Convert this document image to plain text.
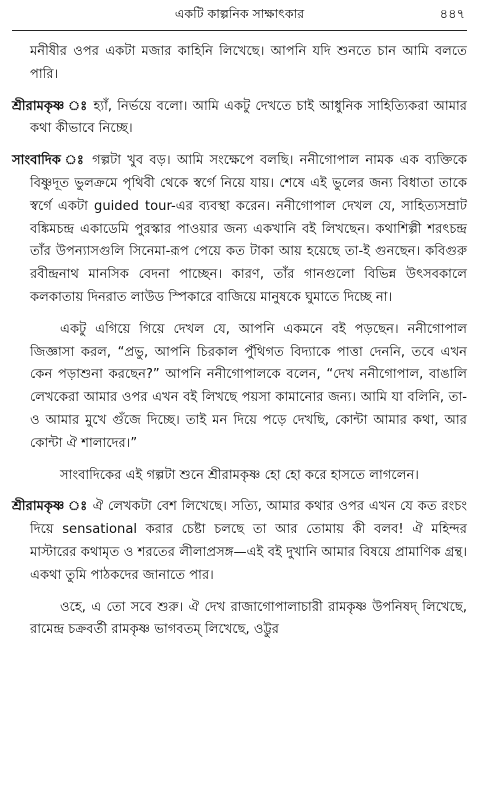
একটি কাল্পনিক সাক্ষাৎকার	৪৪৭

মনীষীর ওপর একটা মজার কাহিনি লিখেছে। আপনি যদি শুনতে চান আমি বলতে পারি।

শ্রীরামকৃষ্ণ ঃ হ্যাঁ, নির্ভয়ে বলো। আমি একটু দেখতে চাই আধুনিক সাহিত্যিকরা আমার কথা কীভাবে নিচ্ছে।

সাংবাদিক ঃ গল্পটা খুব বড়। আমি সংক্ষেপে বলছি। ননীগোপাল নামক এক ব্যক্তিকে বিষ্ণুদূত ভুলক্রমে পৃথিবী থেকে স্বর্গে নিয়ে যায়। শেষে এই ভুলের জন্য বিধাতা তাকে স্বর্গে একটা guided tour-এর ব্যবস্থা করেন। ননীগোপাল দেখল যে, সাহিত্যসম্রাট বঙ্কিমচন্দ্র একাডেমি পুরস্কার পাওয়ার জন্য একখানি বই লিখছেন। কথাশিল্পী শরৎচন্দ্র তাঁর উপন্যাসগুলি সিনেমা-রূপ পেয়ে কত টাকা আয় হয়েছে তা-ই গুনছেন। কবিগুরু রবীন্দ্রনাথ মানসিক বেদনা পাচ্ছেন। কারণ, তাঁর গানগুলো বিভিন্ন উৎসবকালে কলকাতায় দিনরাত লাউড স্পিকারে বাজিয়ে মানুষকে ঘুমাতে দিচ্ছে না।

একটু এগিয়ে গিয়ে দেখল যে, আপনি একমনে বই পড়ছেন। ননীগোপাল জিজ্ঞাসা করল, “প্রভু, আপনি চিরকাল পুঁথিগত বিদ্যাকে পাত্তা দেননি, তবে এখন কেন পড়াশুনা করছেন?” আপনি ননীগোপালকে বলেন, “দেখ ননীগোপাল, বাঙালি লেখকেরা আমার ওপর এখন বই লিখছে পয়সা কামানোর জন্য। আমি যা বলিনি, তা-ও আমার মুখে গুঁজে দিচ্ছে। তাই মন দিয়ে পড়ে দেখছি, কোন্টা আমার কথা, আর কোন্টা ঐ শালাদের।”

সাংবাদিকের এই গল্পটা শুনে শ্রীরামকৃষ্ণ হো হো করে হাসতে লাগলেন।

শ্রীরামকৃষ্ণ ঃ ঐ লেখকটা বেশ লিখেছে। সত্যি, আমার কথার ওপর এখন যে কত রংচং দিয়ে sensational করার চেষ্টা চলছে তা আর তোমায় কী বলব! ঐ মহিন্দর মাস্টারের কথামৃত ও শরতের লীলাপ্রসঙ্গ—এই বই দুখানি আমার বিষয়ে প্রামাণিক গ্রন্থ। একথা তুমি পাঠকদের জানাতে পার।

ওহে, এ তো সবে শুরু। ঐ দেখ রাজাগোপালাচারী রামকৃষ্ণ উপনিষদ্ লিখেছে, রামেন্দ্র চক্রবর্তী রামকৃষ্ণ ভাগবতম্ লিখেছে, ওট্টুর
